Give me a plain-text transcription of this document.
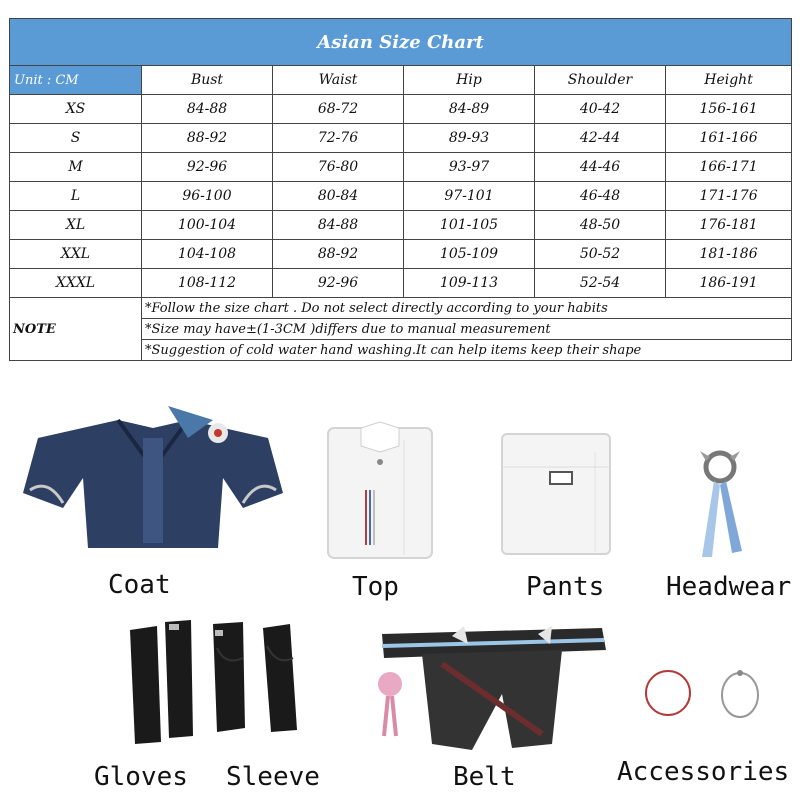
Asian Size Chart					
Unit : CM	Bust	Waist	Hip	Shoulder	Height
XS	84-88	68-72	84-89	40-42	156-161
S	88-92	72-76	89-93	42-44	161-166
M	92-96	76-80	93-97	44-46	166-171
L	96-100	80-84	97-101	46-48	171-176
XL	100-104	84-88	101-105	48-50	176-181
XXL	104-108	88-92	105-109	50-52	181-186
XXXL	108-112	92-96	109-113	52-54	186-191
NOTE	*Follow the size chart . Do not select directly according to your habits				
	*Size may have±(1-3CM )differs due to manual measurement				
	*Suggestion of cold water hand washing.It can help items keep their shape				
Coat	Top	Pants Headwear
Gloves Sleeve	Belt	Accessories
